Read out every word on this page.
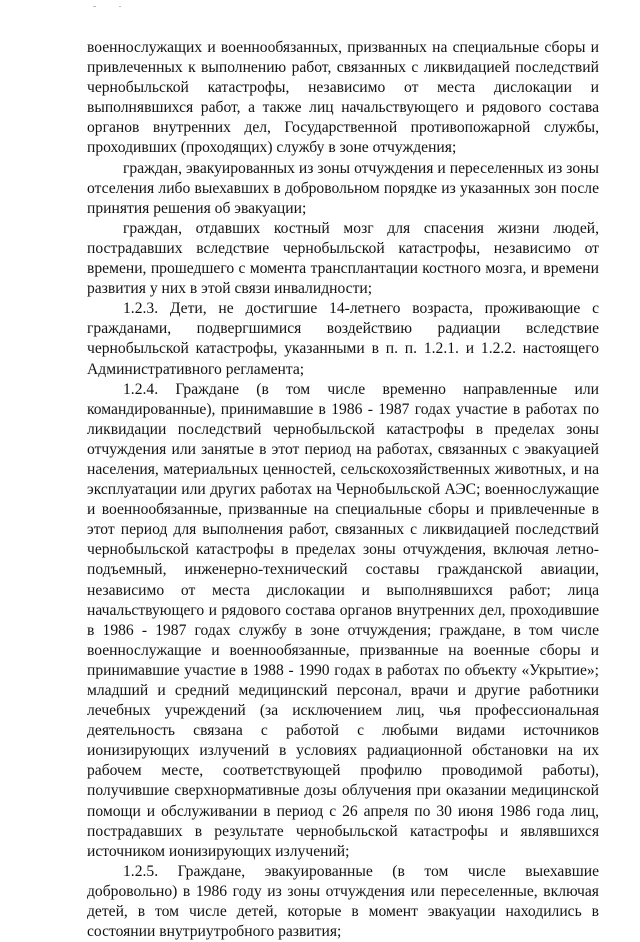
военнослужащих и военнообязанных, призванных на специальные сборы и привлеченных к выполнению работ, связанных с ликвидацией последствий чернобыльской катастрофы, независимо от места дислокации и выполнявшихся работ, а также лиц начальствующего и рядового состава органов внутренних дел, Государственной противопожарной службы, проходивших (проходящих) службу в зоне отчуждения;

граждан, эвакуированных из зоны отчуждения и переселенных из зоны отселения либо выехавших в добровольном порядке из указанных зон после принятия решения об эвакуации;

граждан, отдавших костный мозг для спасения жизни людей, пострадавших вследствие чернобыльской катастрофы, независимо от времени, прошедшего с момента трансплантации костного мозга, и времени развития у них в этой связи инвалидности;

1.2.3. Дети, не достигшие 14-летнего возраста, проживающие с гражданами, подвергшимися воздействию радиации вследствие чернобыльской катастрофы, указанными в п. п. 1.2.1. и 1.2.2. настоящего Административного регламента;

1.2.4. Граждане (в том числе временно направленные или командированные), принимавшие в 1986 - 1987 годах участие в работах по ликвидации последствий чернобыльской катастрофы в пределах зоны отчуждения или занятые в этот период на работах, связанных с эвакуацией населения, материальных ценностей, сельскохозяйственных животных, и на эксплуатации или других работах на Чернобыльской АЭС; военнослужащие и военнообязанные, призванные на специальные сборы и привлеченные в этот период для выполнения работ, связанных с ликвидацией последствий чернобыльской катастрофы в пределах зоны отчуждения, включая летно-подъемный, инженерно-технический составы гражданской авиации, независимо от места дислокации и выполнявшихся работ; лица начальствующего и рядового состава органов внутренних дел, проходившие в 1986 - 1987 годах службу в зоне отчуждения; граждане, в том числе военнослужащие и военнообязанные, призванные на военные сборы и принимавшие участие в 1988 - 1990 годах в работах по объекту «Укрытие»; младший и средний медицинский персонал, врачи и другие работники лечебных учреждений (за исключением лиц, чья профессиональная деятельность связана с работой с любыми видами источников ионизирующих излучений в условиях радиационной обстановки на их рабочем месте, соответствующей профилю проводимой работы), получившие сверхнормативные дозы облучения при оказании медицинской помощи и обслуживании в период с 26 апреля по 30 июня 1986 года лиц, пострадавших в результате чернобыльской катастрофы и являвшихся источником ионизирующих излучений;

1.2.5. Граждане, эвакуированные (в том числе выехавшие добровольно) в 1986 году из зоны отчуждения или переселенные, включая детей, в том числе детей, которые в момент эвакуации находились в состоянии внутриутробного развития;
